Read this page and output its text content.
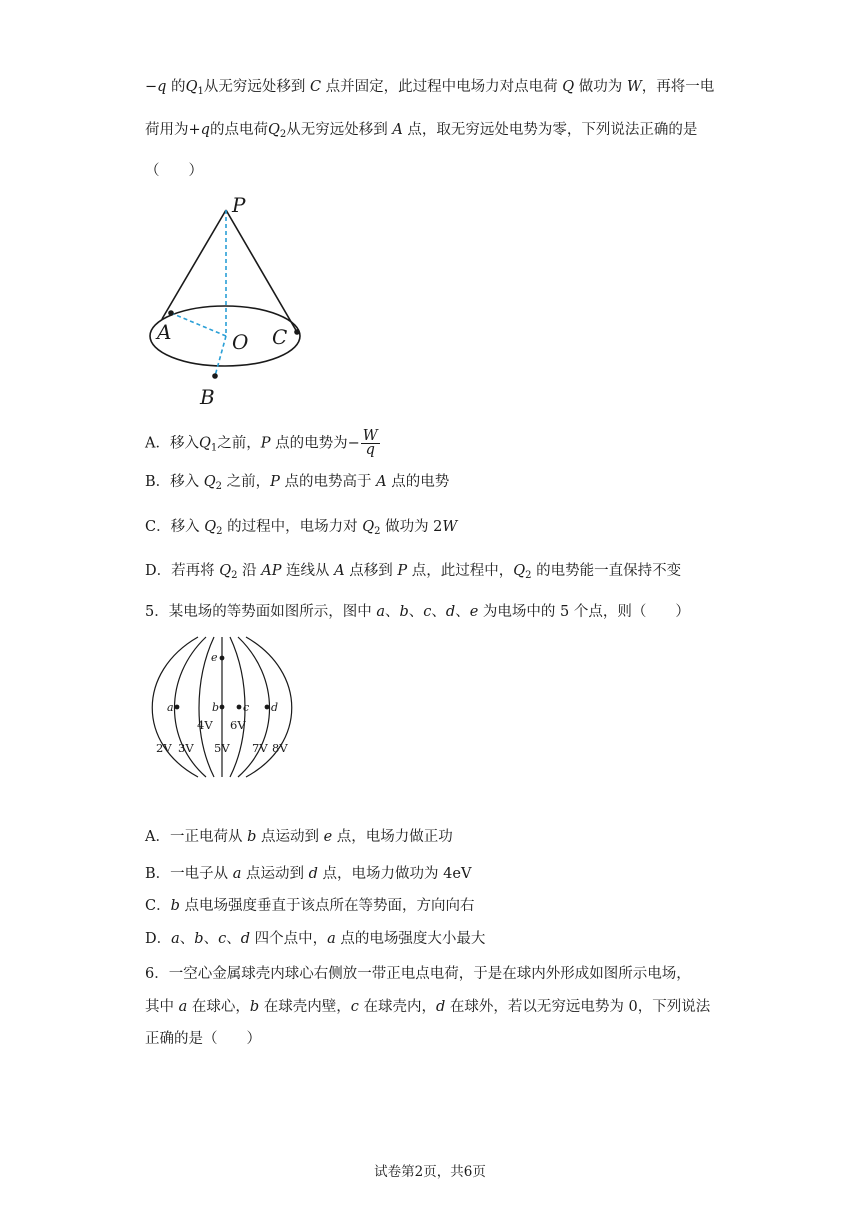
−q 的$Q_1$从无穷远处移到 C 点并固定，此过程中电场力对点电荷 Q 做功为 W，再将一电
荷用为+q的点电荷$Q_2$从无穷远处移到 A 点，取无穷远处电势为零，下列说法正确的是
（　　）
P
A	O C
B
A．移入$Q_1$之前，P 点的电势为− $\frac{W}{q}$
B．移入 $Q_2$ 之前，P 点的电势高于 A 点的电势
C．移入 $Q_2$ 的过程中，电场力对 $Q_2$ 做功为 2W
D．若再将 $Q_2$ 沿 AP 连线从 A 点移到 P 点，此过程中，$Q_2$ 的电势能一直保持不变
5．某电场的等势面如图所示，图中 a、b、c、d、e 为电场中的 5 个点，则（　　）
e
a	b c d
4V 6V
2V 3V 5V 7V 8V
A．一正电荷从 b 点运动到 e 点，电场力做正功
B．一电子从 a 点运动到 d 点，电场力做功为 4eV
C．b 点电场强度垂直于该点所在等势面，方向向右
D．a、b、c、d 四个点中，a 点的电场强度大小最大
6．一空心金属球壳内球心右侧放一带正电点电荷，于是在球内外形成如图所示电场，
其中 a 在球心，b 在球壳内壁，c 在球壳内，d 在球外，若以无穷远电势为 0，下列说法
正确的是（　　）
试卷第2页，共6页
